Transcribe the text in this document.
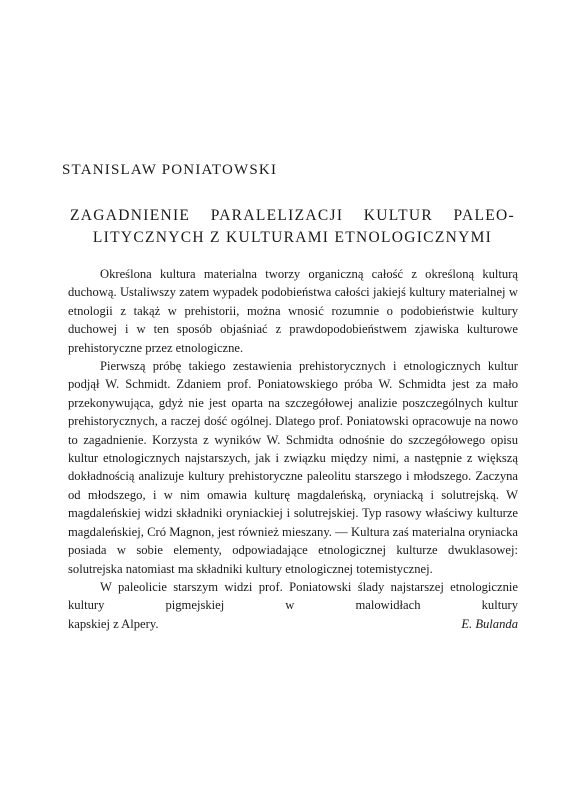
STANISLAW PONIATOWSKI
ZAGADNIENIE PARALELIZACJI KULTUR PALEO-
LITYCZNYCH Z KULTURAMI ETNOLOGICZNYMI

Określona kultura materialna tworzy organiczną całość z określoną kulturą duchową. Ustaliwszy zatem wypadek podobieństwa całości jakiejś kultury materialnej w etnologii z takąż w prehistorii, można wnosić rozumnie o podobieństwie kultury duchowej i w ten sposób objaśniać z prawdopodobieństwem zjawiska kulturowe prehistoryczne przez etnologiczne.

Pierwszą próbę takiego zestawienia prehistorycznych i etnologicznych kultur podjął W. Schmidt. Zdaniem prof. Poniatowskiego próba W. Schmidta jest za mało przekonywująca, gdyż nie jest oparta na szczegółowej analizie poszczególnych kultur prehistorycznych, a raczej dość ogólnej. Dlatego prof. Poniatowski opracowuje na nowo to zagadnienie. Korzysta z wyników W. Schmidta odnośnie do szczegółowego opisu kultur etnologicznych najstarszych, jak i związku między nimi, a następnie z większą dokładnością analizuje kultury prehistoryczne paleolitu starszego i młodszego. Zaczyna od młodszego, i w nim omawia kulturę magdaleńską, oryniacką i solutrejską. W magdaleńskiej widzi składniki oryniackiej i solutrejskiej. Typ rasowy właściwy kulturze magdaleńskiej, Cró Magnon, jest również mieszany. — Kultura zaś materialna oryniacka posiada w sobie elementy, odpowiadające etnologicznej kulturze dwuklasowej: solutrejska natomiast ma składniki kultury etnologicznej totemistycznej.

W paleolicie starszym widzi prof. Poniatowski ślady najstarszej etnologicznie kultury pigmejskiej w malowidłach kultury

kapskiej z Alpery.	E. Bulanda
